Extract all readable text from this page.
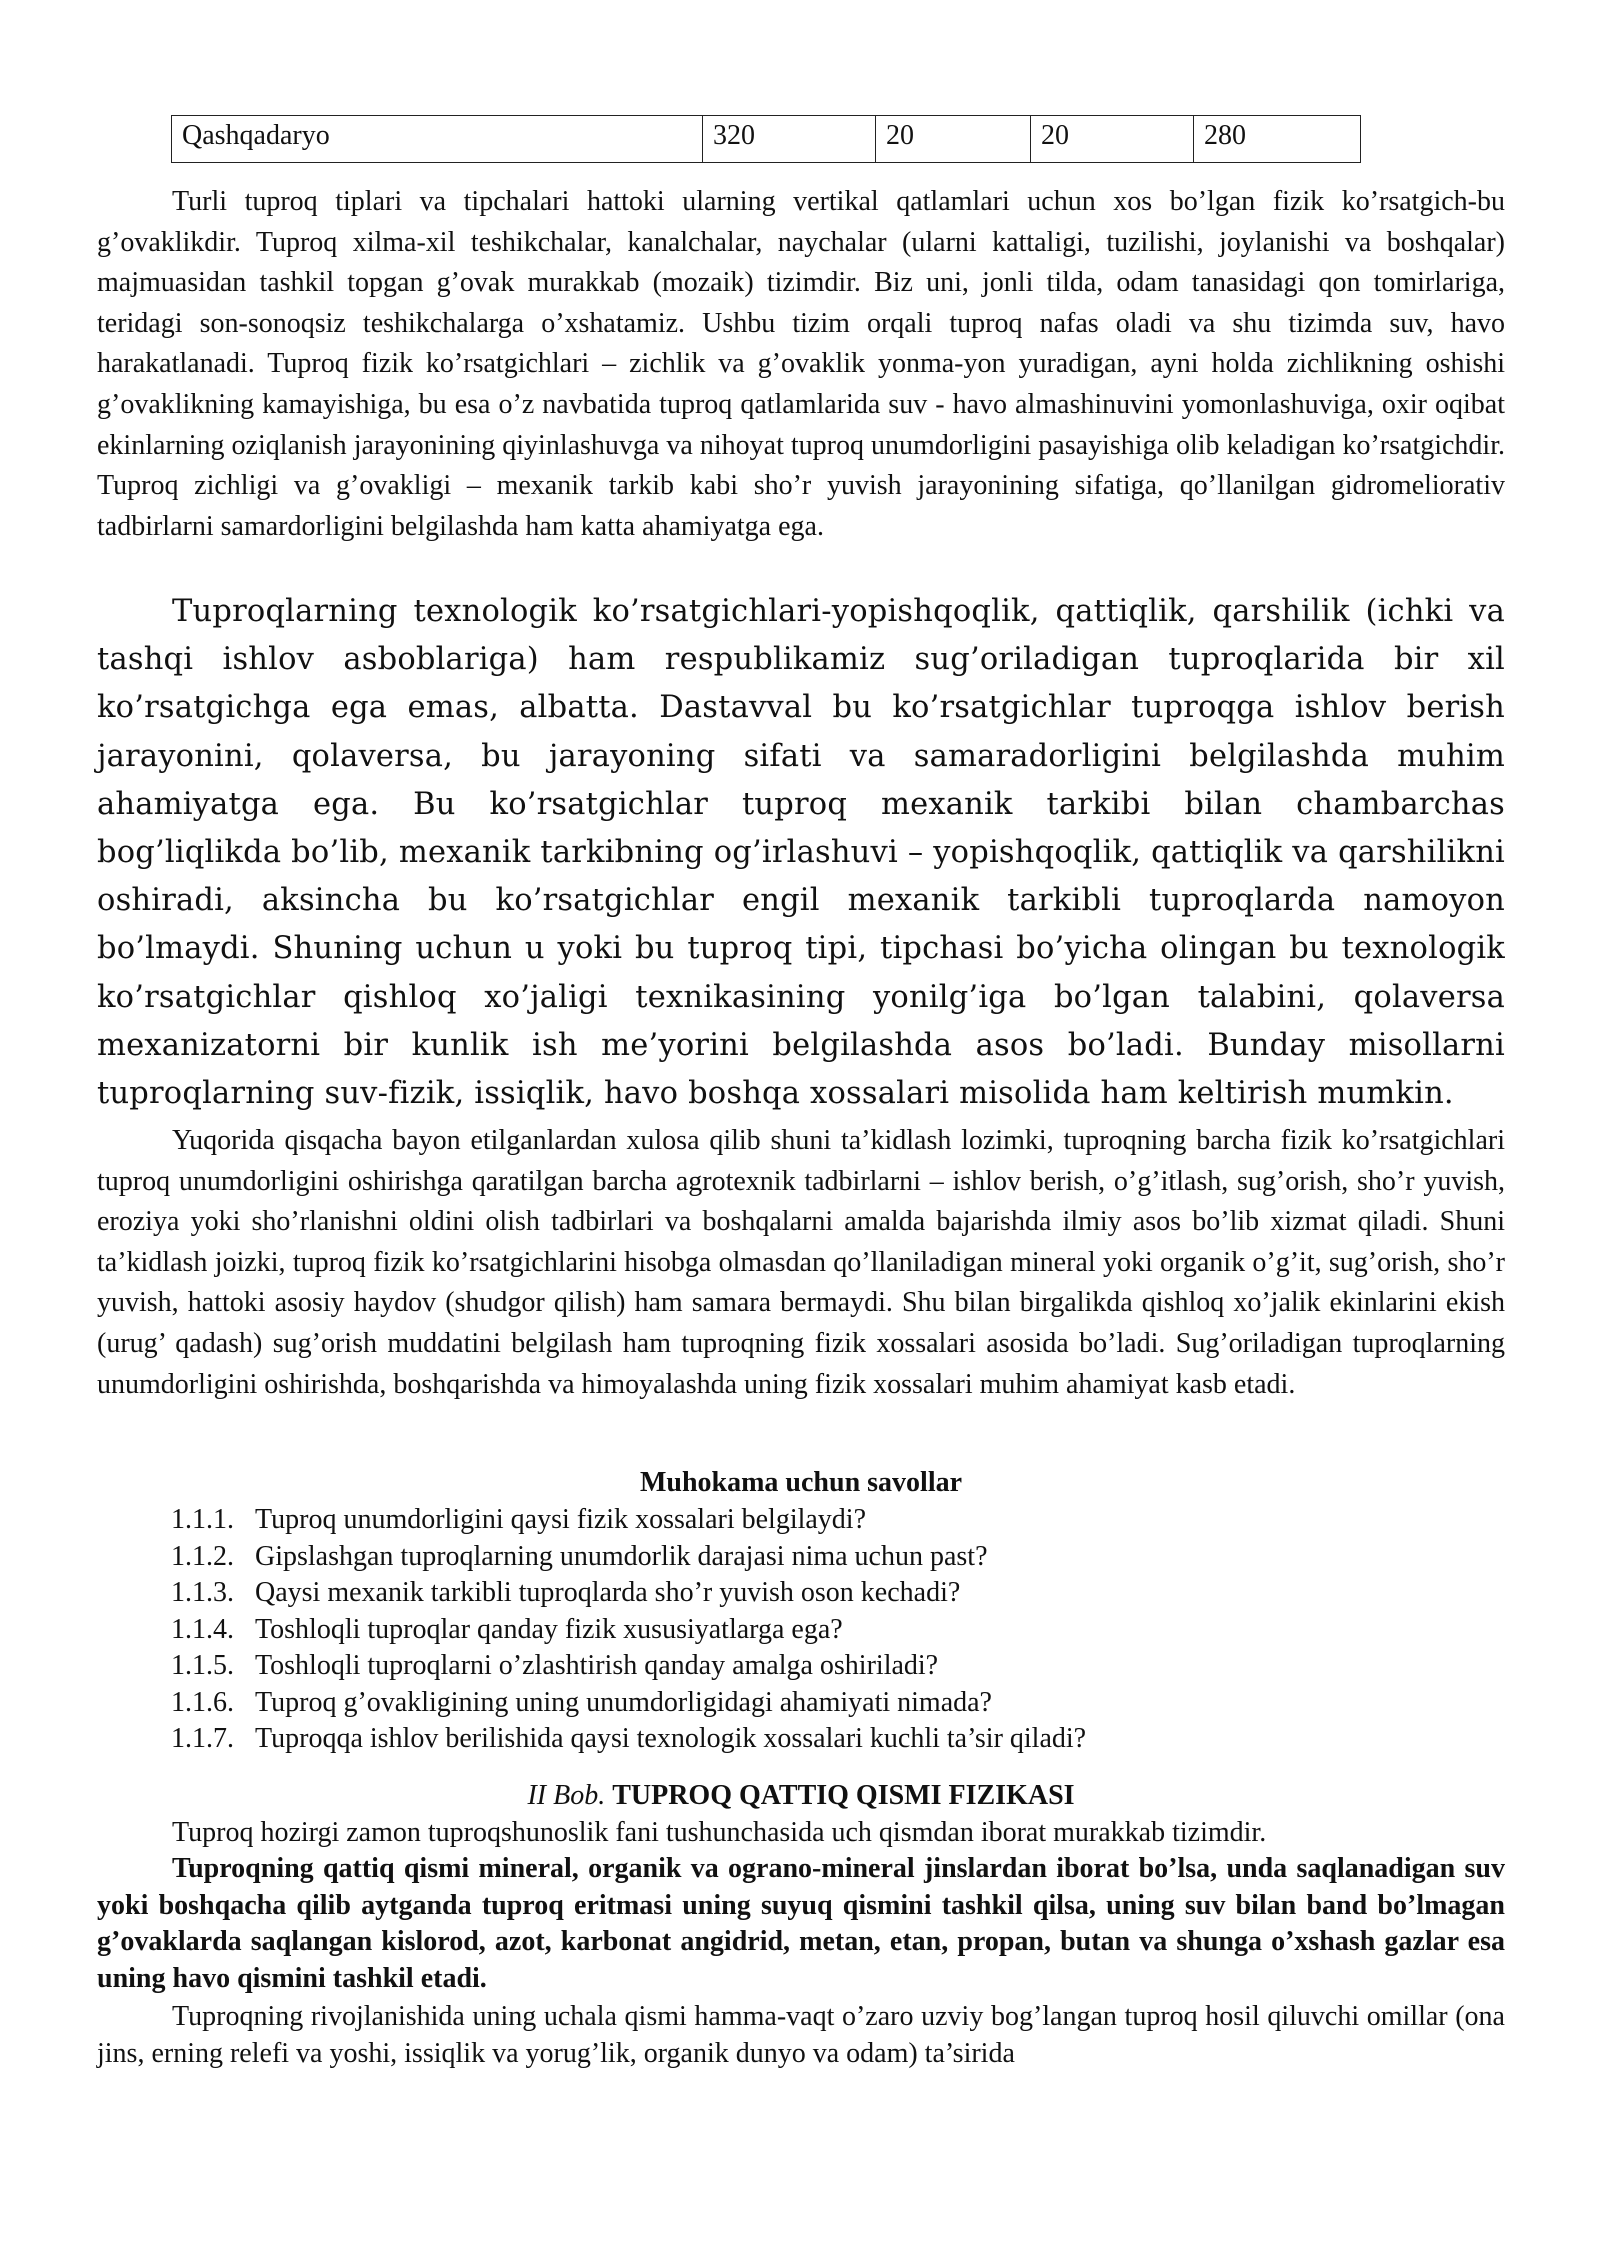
Qashqadaryo	320	20	20	280

Turli tuproq tiplari va tipchalari hattoki ularning vertikal qatlamlari uchun xos bo’lgan fizik ko’rsatgich-bu g’ovaklikdir. Tuproq xilma-xil teshikchalar, kanalchalar, naychalar (ularni kattaligi, tuzilishi, joylanishi va boshqalar) majmuasidan tashkil topgan g’ovak murakkab (mozaik) tizimdir. Biz uni, jonli tilda, odam tanasidagi qon tomirlariga, teridagi son-sonoqsiz teshikchalarga o’xshatamiz. Ushbu tizim orqali tuproq nafas oladi va shu tizimda suv, havo harakatlanadi. Tuproq fizik ko’rsatgichlari – zichlik va g’ovaklik yonma-yon yuradigan, ayni holda zichlikning oshishi g’ovaklikning kamayishiga, bu esa o’z navbatida tuproq qatlamlarida suv - havo almashinuvini yomonlashuviga, oxir oqibat ekinlarning oziqlanish jarayonining qiyinlashuvga va nihoyat tuproq unumdorligini pasayishiga olib keladigan ko’rsatgichdir. Tuproq zichligi va g’ovakligi – mexanik tarkib kabi sho’r yuvish jarayonining sifatiga, qo’llanilgan gidromeliorativ tadbirlarni samardorligini belgilashda ham katta ahamiyatga ega.

Tuproqlarning texnologik ko’rsatgichlari-yopishqoqlik, qattiqlik, qarshilik (ichki va tashqi ishlov asboblariga) ham respublikamiz sug’oriladigan tuproqlarida bir xil ko’rsatgichga ega emas, albatta. Dastavval bu ko’rsatgichlar tuproqga ishlov berish jarayonini, qolaversa, bu jarayoning sifati va samaradorligini belgilashda muhim ahamiyatga ega. Bu ko’rsatgichlar tuproq mexanik tarkibi bilan chambarchas bog’liqlikda bo’lib, mexanik tarkibning og’irlashuvi – yopishqoqlik, qattiqlik va qarshilikni oshiradi, aksincha bu ko’rsatgichlar engil mexanik tarkibli tuproqlarda namoyon bo’lmaydi. Shuning uchun u yoki bu tuproq tipi, tipchasi bo’yicha olingan bu texnologik ko’rsatgichlar qishloq xo’jaligi texnikasining yonilg’iga bo’lgan talabini, qolaversa mexanizatorni bir kunlik ish me’yorini belgilashda asos bo’ladi. Bunday misollarni tuproqlarning suv-fizik, issiqlik, havo boshqa xossalari misolida ham keltirish mumkin.

Yuqorida qisqacha bayon etilganlardan xulosa qilib shuni ta’kidlash lozimki, tuproqning barcha fizik ko’rsatgichlari tuproq unumdorligini oshirishga qaratilgan barcha agrotexnik tadbirlarni – ishlov berish, o’g’itlash, sug’orish, sho’r yuvish, eroziya yoki sho’rlanishni oldini olish tadbirlari va boshqalarni amalda bajarishda ilmiy asos bo’lib xizmat qiladi. Shuni ta’kidlash joizki, tuproq fizik ko’rsatgichlarini hisobga olmasdan qo’llaniladigan mineral yoki organik o’g’it, sug’orish, sho’r yuvish, hattoki asosiy haydov (shudgor qilish) ham samara bermaydi. Shu bilan birgalikda qishloq xo’jalik ekinlarini ekish (urug’ qadash) sug’orish muddatini belgilash ham tuproqning fizik xossalari asosida bo’ladi. Sug’oriladigan tuproqlarning unumdorligini oshirishda, boshqarishda va himoyalashda uning fizik xossalari muhim ahamiyat kasb etadi.

Muhokama uchun savollar

1.1.1. Tuproq unumdorligini qaysi fizik xossalari belgilaydi?
1.1.2. Gipslashgan tuproqlarning unumdorlik darajasi nima uchun past?
1.1.3. Qaysi mexanik tarkibli tuproqlarda sho’r yuvish oson kechadi?
1.1.4. Toshloqli tuproqlar qanday fizik xususiyatlarga ega?
1.1.5. Toshloqli tuproqlarni o’zlashtirish qanday amalga oshiriladi?
1.1.6. Tuproq g’ovakligining uning unumdorligidagi ahamiyati nimada?
1.1.7. Tuproqqa ishlov berilishida qaysi texnologik xossalari kuchli ta’sir qiladi?

II Bob. TUPROQ QATTIQ QISMI FIZIKASI

Tuproq hozirgi zamon tuproqshunoslik fani tushunchasida uch qismdan iborat murakkab tizimdir.

Tuproqning qattiq qismi mineral, organik va ograno-mineral jinslardan iborat bo’lsa, unda saqlanadigan suv yoki boshqacha qilib aytganda tuproq eritmasi uning suyuq qismini tashkil qilsa, uning suv bilan band bo’lmagan g’ovaklarda saqlangan kislorod, azot, karbonat angidrid, metan, etan, propan, butan va shunga o’xshash gazlar esa uning havo qismini tashkil etadi.

Tuproqning rivojlanishida uning uchala qismi hamma-vaqt o’zaro uzviy bog’langan tuproq hosil qiluvchi omillar (ona jins, erning relefi va yoshi, issiqlik va yorug’lik, organik dunyo va odam) ta’sirida
